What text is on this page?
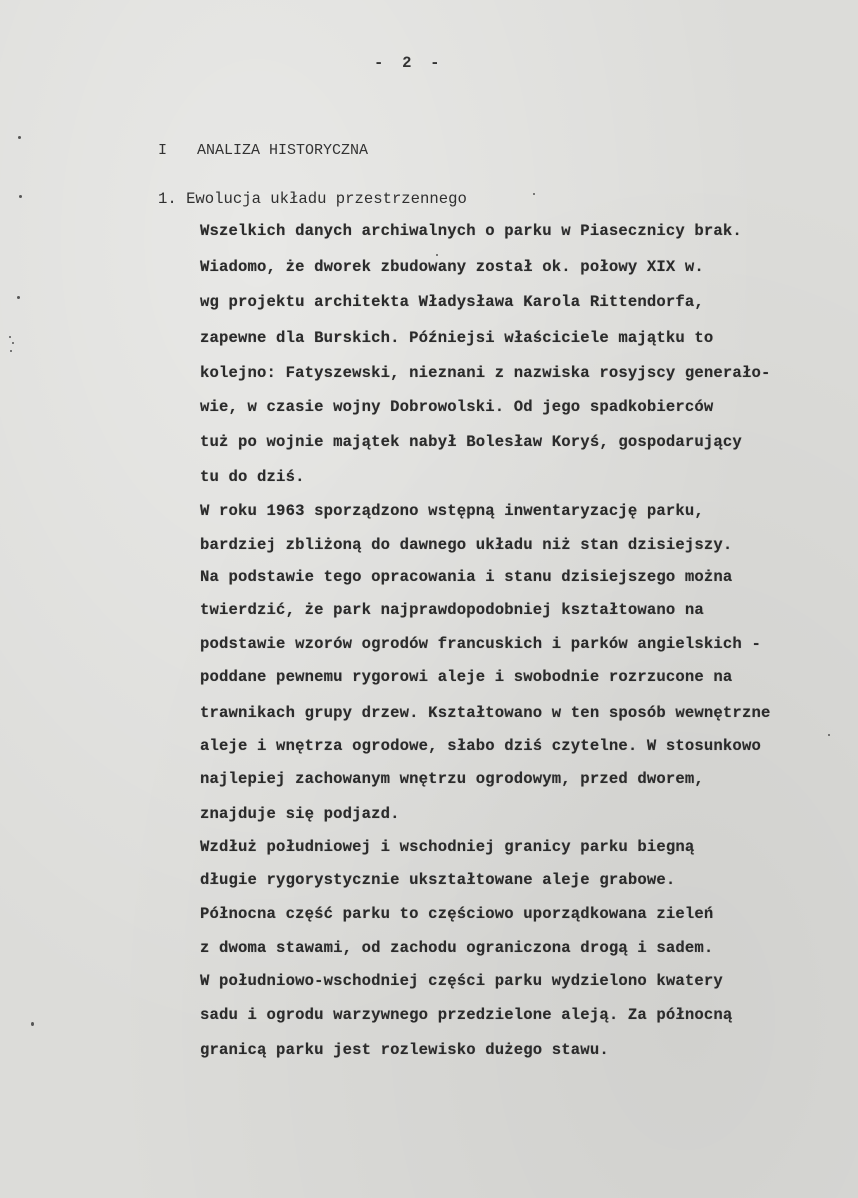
-  2  -
I ANALIZA HISTORYCZNA
1. Ewolucja układu przestrzennego
Wszelkich danych archiwalnych o parku w Piasecznicy brak.
Wiadomo, że dworek zbudowany został ok. połowy XIX w.
wg projektu architekta Władysława Karola Rittendorfa,
zapewne dla Burskich. Późniejsi właściciele majątku to
kolejno: Fatyszewski, nieznani z nazwiska rosyjscy generało-
wie, w czasie wojny Dobrowolski. Od jego spadkobierców
tuż po wojnie majątek nabył Bolesław Koryś, gospodarujący
tu do dziś.
W roku 1963 sporządzono wstępną inwentaryzację parku,
bardziej zbliżoną do dawnego układu niż stan dzisiejszy.
Na podstawie tego opracowania i stanu dzisiejszego można
twierdzić, że park najprawdopodobniej kształtowano na
podstawie wzorów ogrodów francuskich i parków angielskich -
poddane pewnemu rygorowi aleje i swobodnie rozrzucone na
trawnikach grupy drzew. Kształtowano w ten sposób wewnętrzne
aleje i wnętrza ogrodowe, słabo dziś czytelne. W stosunkowo
najlepiej zachowanym wnętrzu ogrodowym, przed dworem,
znajduje się podjazd.
Wzdłuż południowej i wschodniej granicy parku biegną
długie rygorystycznie ukształtowane aleje grabowe.
Północna część parku to częściowo uporządkowana zieleń
z dwoma stawami, od zachodu ograniczona drogą i sadem.
W południowo-wschodniej części parku wydzielono kwatery
sadu i ogrodu warzywnego przedzielone aleją. Za północną
granicą parku jest rozlewisko dużego stawu.
